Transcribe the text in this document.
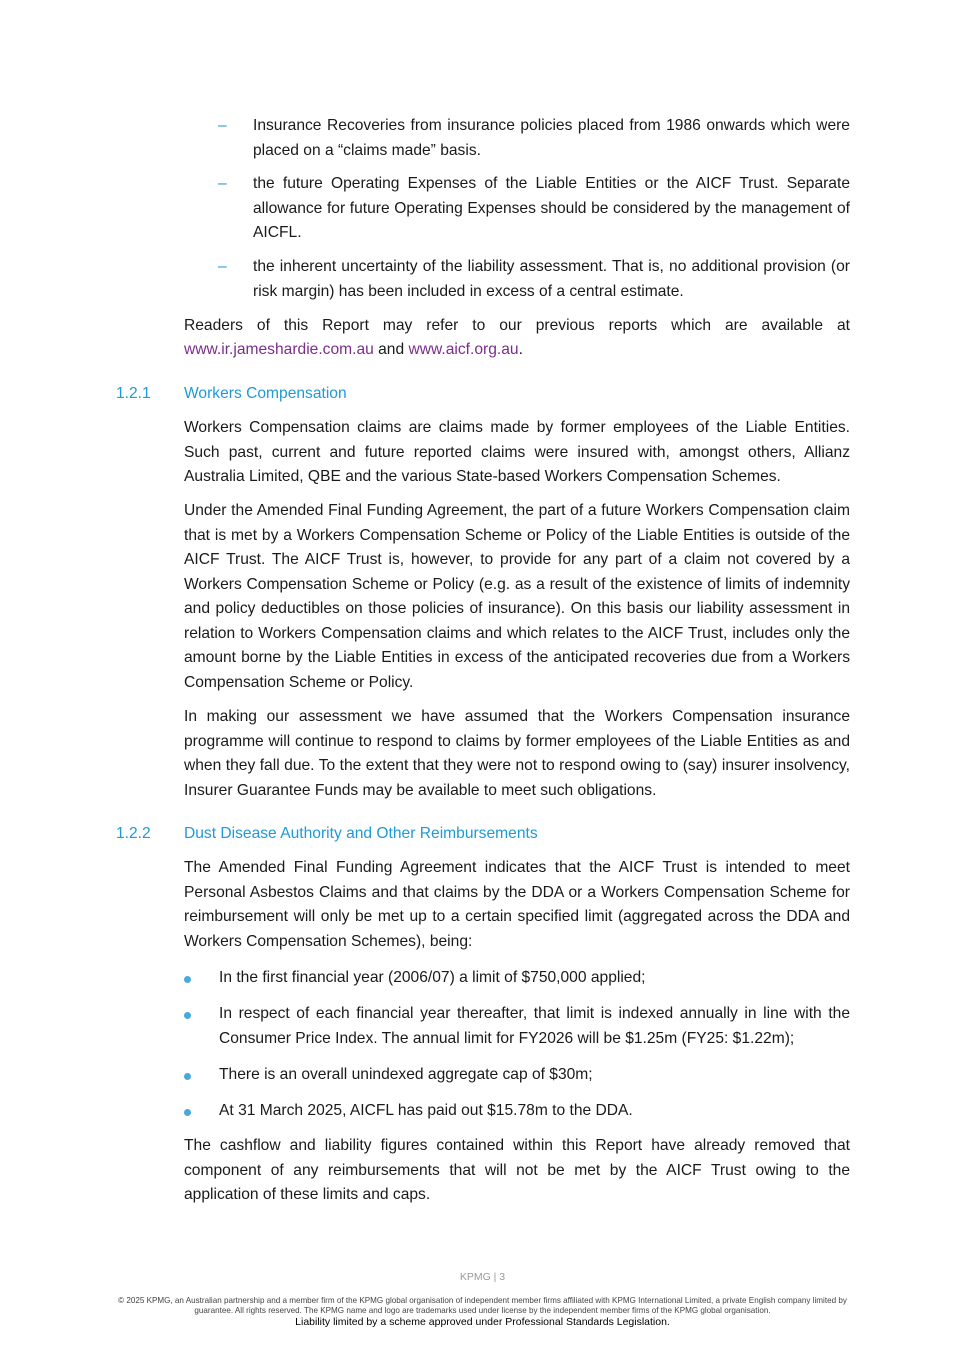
– Insurance Recoveries from insurance policies placed from 1986 onwards which were placed on a “claims made” basis.

– the future Operating Expenses of the Liable Entities or the AICF Trust. Separate allowance for future Operating Expenses should be considered by the management of AICFL.

– the inherent uncertainty of the liability assessment. That is, no additional provision (or risk margin) has been included in excess of a central estimate.

Readers of this Report may refer to our previous reports which are available at

www.ir.jameshardie.com.au and www.aicf.org.au.

1.2.1 Workers Compensation

Workers Compensation claims are claims made by former employees of the Liable Entities. Such past, current and future reported claims were insured with, amongst others, Allianz Australia Limited, QBE and the various State-based Workers Compensation Schemes.

Under the Amended Final Funding Agreement, the part of a future Workers Compensation claim that is met by a Workers Compensation Scheme or Policy of the Liable Entities is outside of the AICF Trust. The AICF Trust is, however, to provide for any part of a claim not covered by a Workers Compensation Scheme or Policy (e.g. as a result of the existence of limits of indemnity and policy deductibles on those policies of insurance). On this basis our liability assessment in relation to Workers Compensation claims and which relates to the AICF Trust, includes only the amount borne by the Liable Entities in excess of the anticipated recoveries due from a Workers Compensation Scheme or Policy.

In making our assessment we have assumed that the Workers Compensation insurance programme will continue to respond to claims by former employees of the Liable Entities as and when they fall due. To the extent that they were not to respond owing to (say) insurer insolvency, Insurer Guarantee Funds may be available to meet such obligations.

1.2.2 Dust Disease Authority and Other Reimbursements

The Amended Final Funding Agreement indicates that the AICF Trust is intended to meet Personal Asbestos Claims and that claims by the DDA or a Workers Compensation Scheme for reimbursement will only be met up to a certain specified limit (aggregated across the DDA and Workers Compensation Schemes), being:

In the first financial year (2006/07) a limit of $750,000 applied;

In respect of each financial year thereafter, that limit is indexed annually in line with the Consumer Price Index. The annual limit for FY2026 will be $1.25m (FY25: $1.22m);

There is an overall unindexed aggregate cap of $30m;

At 31 March 2025, AICFL has paid out $15.78m to the DDA.

The cashflow and liability figures contained within this Report have already removed that component of any reimbursements that will not be met by the AICF Trust owing to the application of these limits and caps.

KPMG | 3
© 2025 KPMG, an Australian partnership and a member firm of the KPMG global organisation of independent member firms affiliated with KPMG International Limited, a private English company limited by guarantee. All rights reserved. The KPMG name and logo are trademarks used under license by the independent member firms of the KPMG global organisation.
Liability limited by a scheme approved under Professional Standards Legislation.
